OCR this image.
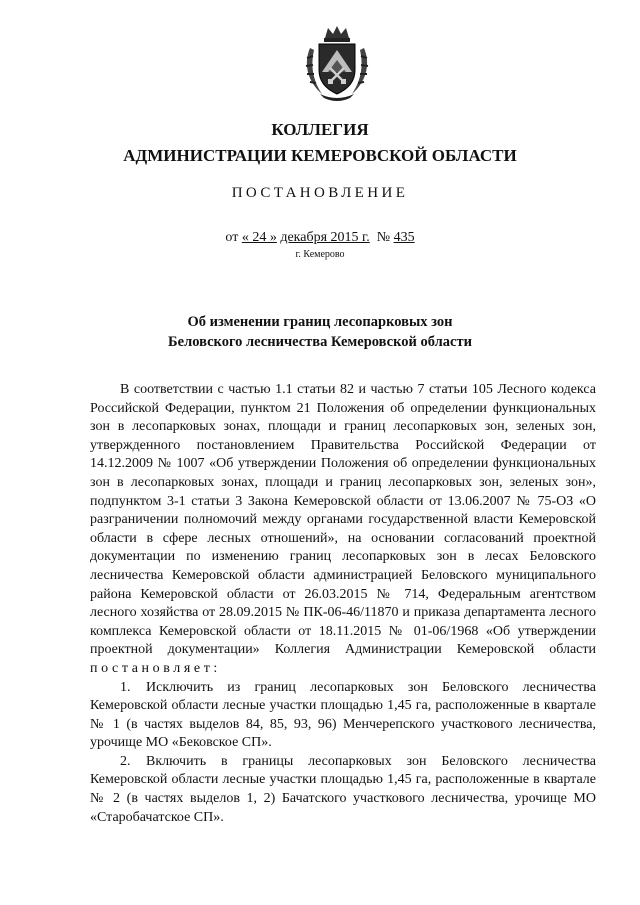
КОЛЛЕГИЯ
АДМИНИСТРАЦИИ КЕМЕРОВСКОЙ ОБЛАСТИ
ПОСТАНОВЛЕНИЕ
от « 24 » декабря 2015 г. № 435
г. Кемерово
Об изменении границ лесопарковых зон
Беловского лесничества Кемеровской области

В соответствии с частью 1.1 статьи 82 и частью 7 статьи 105 Лесного кодекса Российской Федерации, пунктом 21 Положения об определении функциональных зон в лесопарковых зонах, площади и границ лесопарковых зон, зеленых зон, утвержденного постановлением Правительства Российской Федерации от 14.12.2009 № 1007 «Об утверждении Положения об определении функциональных зон в лесопарковых зонах, площади и границ лесопарковых зон, зеленых зон», подпунктом 3-1 статьи 3 Закона Кемеровской области от 13.06.2007 № 75-ОЗ «О разграничении полномочий между органами государственной власти Кемеровской области в сфере лесных отношений», на основании согласований проектной документации по изменению границ лесопарковых зон в лесах Беловского лесничества Кемеровской области администрацией Беловского муниципального района Кемеровской области от 26.03.2015 № 714, Федеральным агентством лесного хозяйства от 28.09.2015 № ПК-06-46/11870 и приказа департамента лесного комплекса Кемеровской области от 18.11.2015 № 01-06/1968 «Об утверждении проектной документации» Коллегия Администрации Кемеровской области постановляет:

1. Исключить из границ лесопарковых зон Беловского лесничества Кемеровской области лесные участки площадью 1,45 га, расположенные в квартале № 1 (в частях выделов 84, 85, 93, 96) Менчерепского участкового лесничества, урочище МО «Бековское СП».

2. Включить в границы лесопарковых зон Беловского лесничества Кемеровской области лесные участки площадью 1,45 га, расположенные в квартале № 2 (в частях выделов 1, 2) Бачатского участкового лесничества, урочище МО «Старобачатское СП».
